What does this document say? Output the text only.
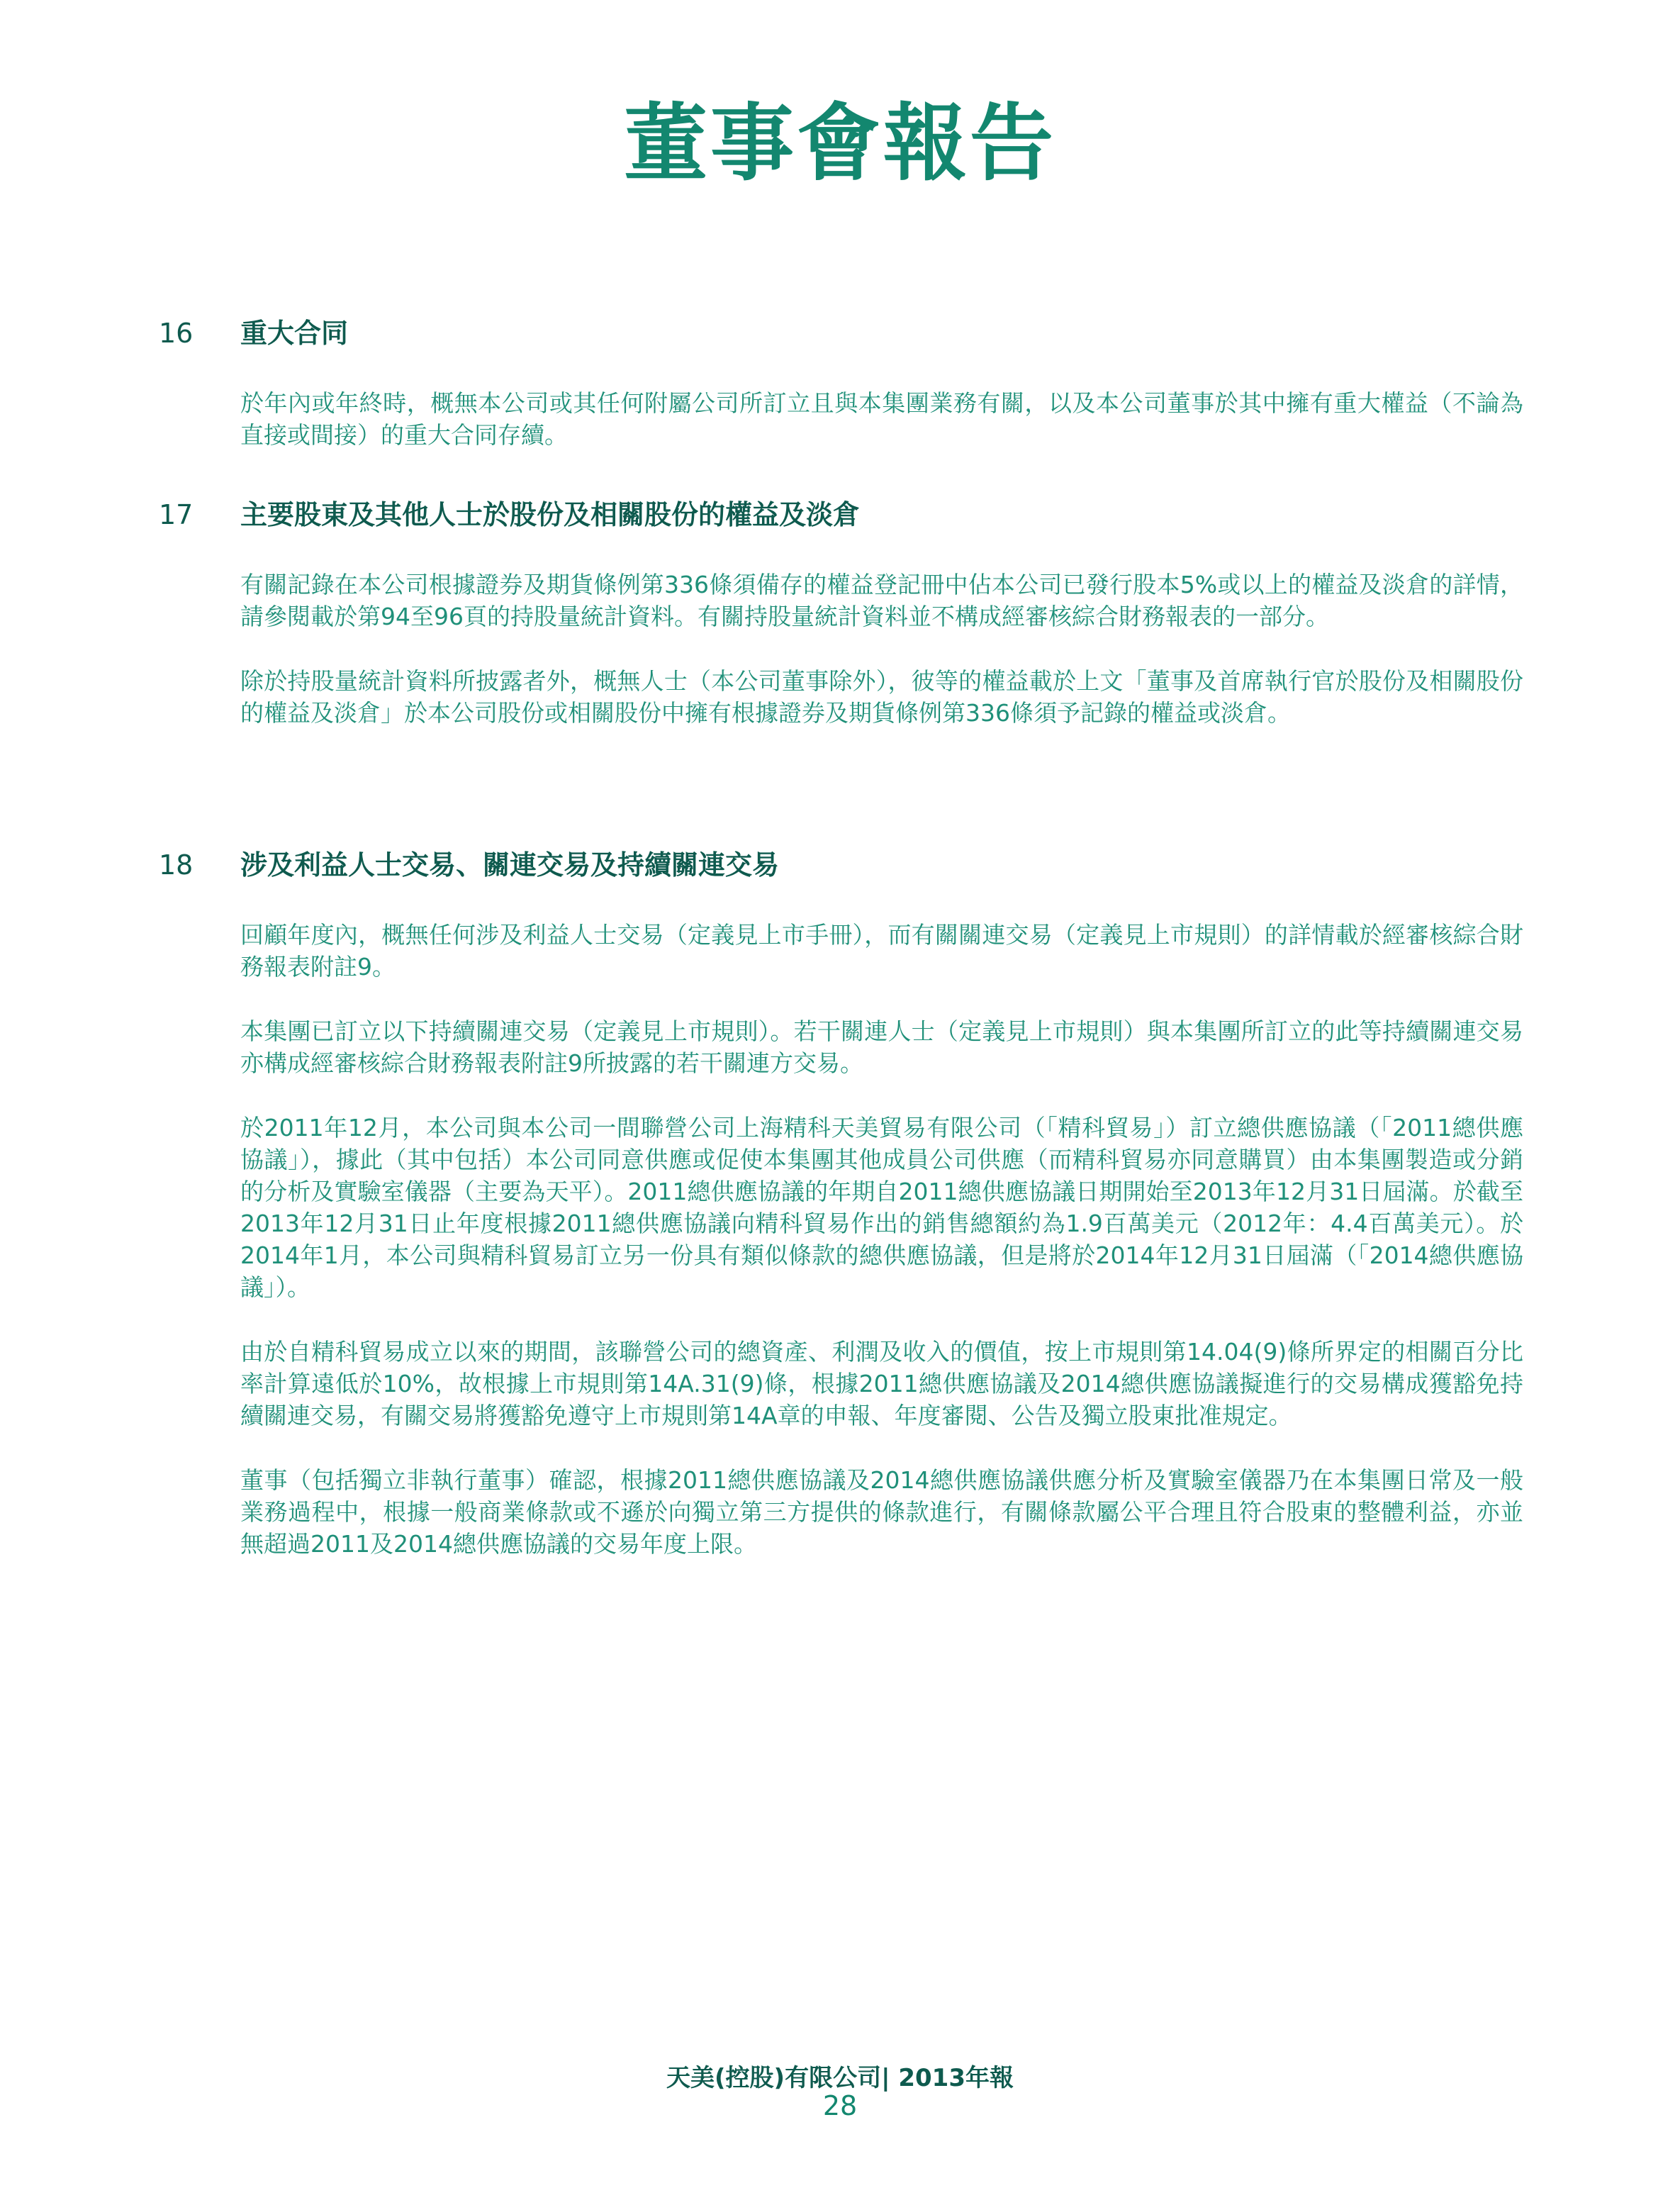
董事會報告
16	重大合同

於年內或年終時，概無本公司或其任何附屬公司所訂立且與本集團業務有關，以及本公司董事於其中擁有重大權益（不論為直接或間接）的重大合同存續。

17	主要股東及其他人士於股份及相關股份的權益及淡倉

有關記錄在本公司根據證券及期貨條例第336條須備存的權益登記冊中佔本公司已發行股本5%或以上的權益及淡倉的詳情，請參閱載於第94至96頁的持股量統計資料。有關持股量統計資料並不構成經審核綜合財務報表的一部分。

除於持股量統計資料所披露者外，概無人士（本公司董事除外），彼等的權益載於上文「董事及首席執行官於股份及相關股份的權益及淡倉」於本公司股份或相關股份中擁有根據證券及期貨條例第336條須予記錄的權益或淡倉。

18	涉及利益人士交易、關連交易及持續關連交易

回顧年度內，概無任何涉及利益人士交易（定義見上市手冊），而有關關連交易（定義見上市規則）的詳情載於經審核綜合財務報表附註9。

本集團已訂立以下持續關連交易（定義見上市規則）。若干關連人士（定義見上市規則）與本集團所訂立的此等持續關連交易亦構成經審核綜合財務報表附註9所披露的若干關連方交易。

於2011年12月，本公司與本公司一間聯營公司上海精科天美貿易有限公司（「精科貿易」）訂立總供應協議（「2011總供應協議」），據此（其中包括）本公司同意供應或促使本集團其他成員公司供應（而精科貿易亦同意購買）由本集團製造或分銷的分析及實驗室儀器（主要為天平）。2011總供應協議的年期自2011總供應協議日期開始至2013年12月31日屆滿。於截至2013年12月31日止年度根據2011總供應協議向精科貿易作出的銷售總額約為1.9百萬美元（2012年：4.4百萬美元）。於2014年1月，本公司與精科貿易訂立另一份具有類似條款的總供應協議，但是將於2014年12月31日屆滿（「2014總供應協議」）。

由於自精科貿易成立以來的期間，該聯營公司的總資產、利潤及收入的價值，按上市規則第14.04(9)條所界定的相關百分比率計算遠低於10%，故根據上市規則第14A.31(9)條，根據2011總供應協議及2014總供應協議擬進行的交易構成獲豁免持續關連交易，有關交易將獲豁免遵守上市規則第14A章的申報、年度審閱、公告及獨立股東批准規定。

董事（包括獨立非執行董事）確認，根據2011總供應協議及2014總供應協議供應分析及實驗室儀器乃在本集團日常及一般業務過程中，根據一般商業條款或不遜於向獨立第三方提供的條款進行，有關條款屬公平合理且符合股東的整體利益，亦並無超過2011及2014總供應協議的交易年度上限。

天美(控股)有限公司| 2013年報
28
